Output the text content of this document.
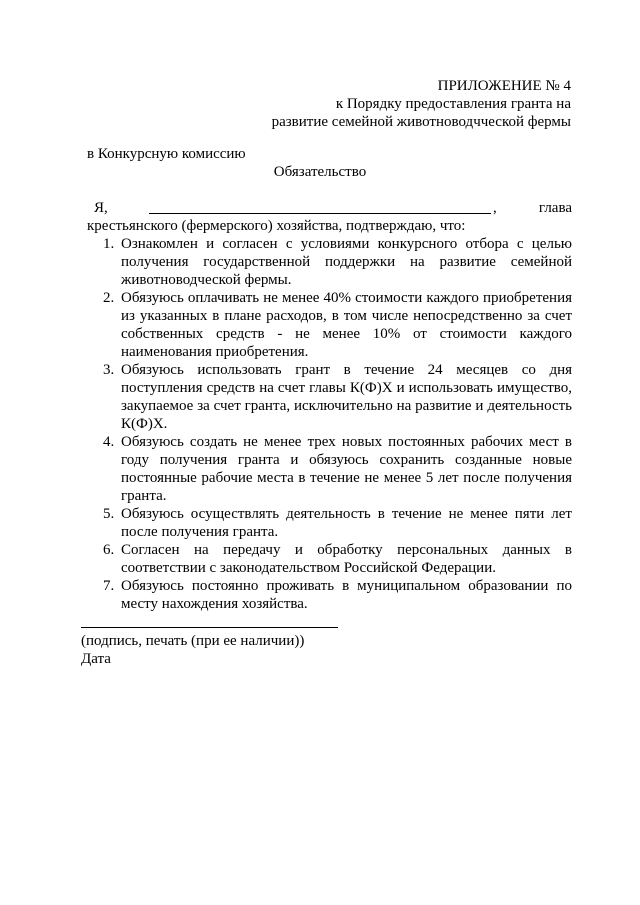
ПРИЛОЖЕНИЕ № 4
к Порядку предоставления гранта на
развитие семейной животноводчческой фермы
в Конкурсную комиссию
Обязательство
Я,	,	глава
крестьянского (фермерского) хозяйства, подтверждаю, что:
1. Ознакомлен и согласен с условиями конкурсного отбора с целью получения государственной поддержки на развитие семейной животноводческой фермы.
2. Обязуюсь оплачивать не менее 40% стоимости каждого приобретения из указанных в плане расходов, в том числе непосредственно за счет собственных средств - не менее 10% от стоимости каждого наименования приобретения.
3. Обязуюсь использовать грант в течение 24 месяцев со дня поступления средств на счет главы К(Ф)Х и использовать имущество, закупаемое за счет гранта, исключительно на развитие и деятельность К(Ф)Х.
4. Обязуюсь создать не менее трех новых постоянных рабочих мест в году получения гранта и обязуюсь сохранить созданные новые постоянные рабочие места в течение не менее 5 лет после получения гранта.
5. Обязуюсь осуществлять деятельность в течение не менее пяти лет после получения гранта.
6. Согласен на передачу и обработку персональных данных в соответствии с законодательством Российской Федерации.
7. Обязуюсь постоянно проживать в муниципальном образовании по месту нахождения хозяйства.
(подпись, печать (при ее наличии))
Дата
